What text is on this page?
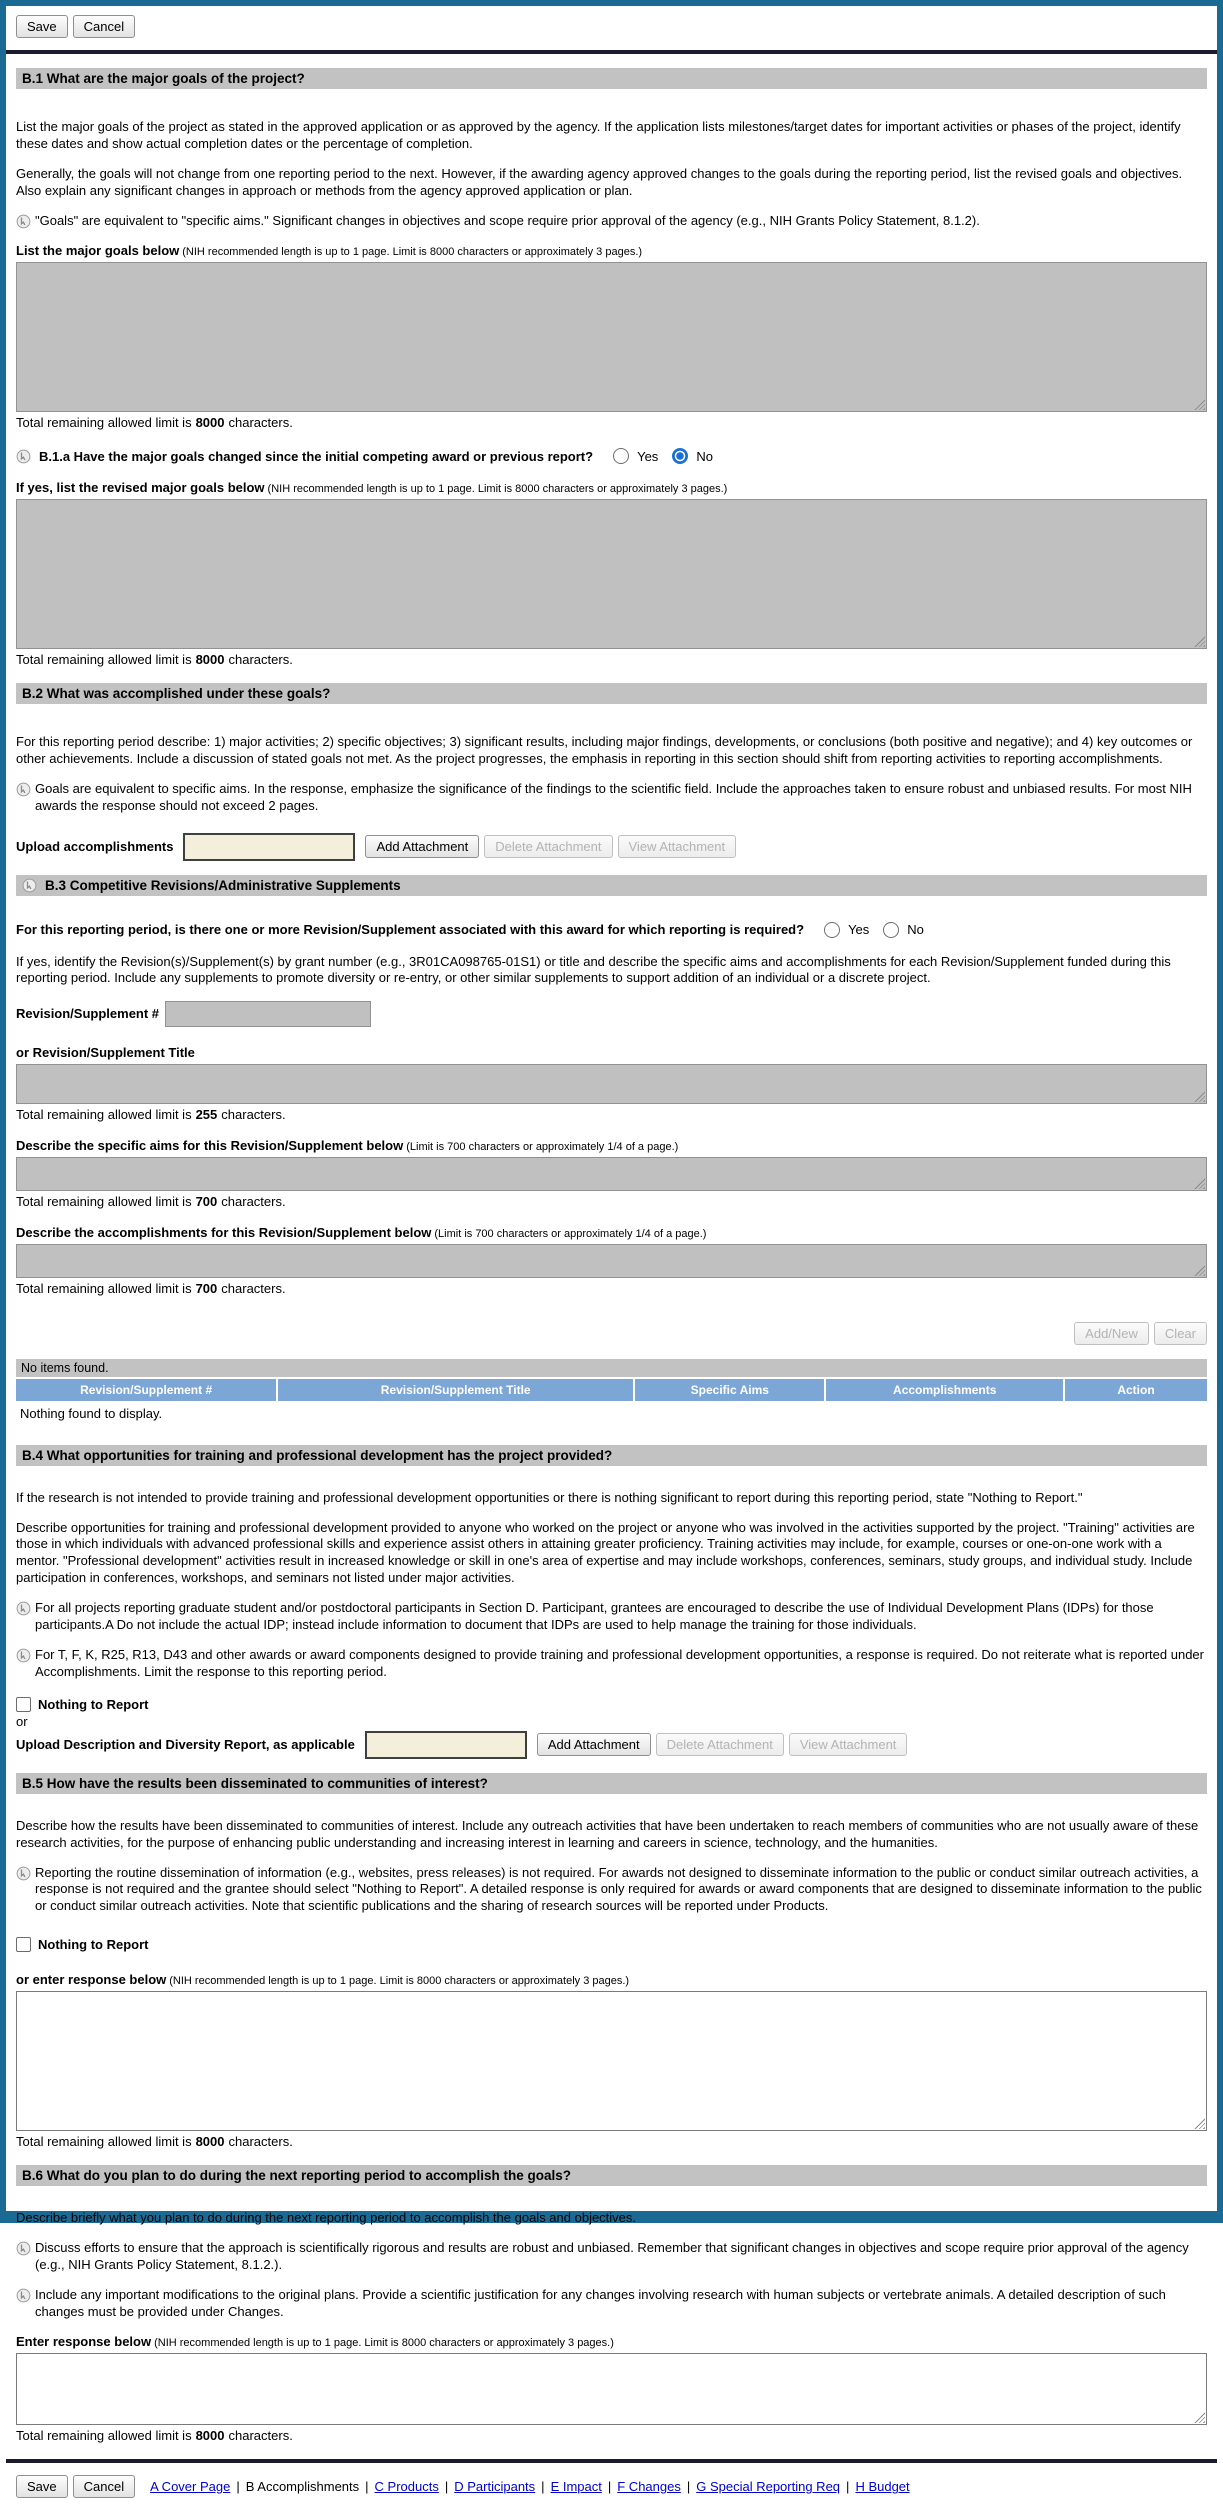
Save Cancel
B.1 What are the major goals of the project?

List the major goals of the project as stated in the approved application or as approved by the agency. If the application lists milestones/target dates for important activities or phases of the project, identify these dates and show actual completion dates or the percentage of completion.

Generally, the goals will not change from one reporting period to the next. However, if the awarding agency approved changes to the goals during the reporting period, list the revised goals and objectives. Also explain any significant changes in approach or methods from the agency approved application or plan.

"Goals" are equivalent to "specific aims." Significant changes in objectives and scope require prior approval of the agency (e.g., NIH Grants Policy Statement, 8.1.2).

List the major goals below (NIH recommended length is up to 1 page. Limit is 8000 characters or approximately 3 pages.)

Total remaining allowed limit is 8000 characters.

B.1.a Have the major goals changed since the initial competing award or previous report?	Yes	No

If yes, list the revised major goals below (NIH recommended length is up to 1 page. Limit is 8000 characters or approximately 3 pages.)

Total remaining allowed limit is 8000 characters.

B.2 What was accomplished under these goals?

For this reporting period describe: 1) major activities; 2) specific objectives; 3) significant results, including major findings, developments, or conclusions (both positive and negative); and 4) key outcomes or other achievements. Include a discussion of stated goals not met. As the project progresses, the emphasis in reporting in this section should shift from reporting activities to reporting accomplishments.

Goals are equivalent to specific aims. In the response, emphasize the significance of the findings to the scientific field. Include the approaches taken to ensure robust and unbiased results. For most NIH awards the response should not exceed 2 pages.

Upload accomplishments	Add Attachment	Delete Attachment	View Attachment
B.3 Competitive Revisions/Administrative Supplements
For this reporting period, is there one or more Revision/Supplement associated with this award for which reporting is required?	Yes	No

If yes, identify the Revision(s)/Supplement(s) by grant number (e.g., 3R01CA098765-01S1) or title and describe the specific aims and accomplishments for each Revision/Supplement funded during this reporting period. Include any supplements to promote diversity or re-entry, or other similar supplements to support addition of an individual or a discrete project.

Revision/Supplement #

or Revision/Supplement Title

Total remaining allowed limit is 255 characters.

Describe the specific aims for this Revision/Supplement below (Limit is 700 characters or approximately 1/4 of a page.)

Total remaining allowed limit is 700 characters.

Describe the accomplishments for this Revision/Supplement below (Limit is 700 characters or approximately 1/4 of a page.)

Total remaining allowed limit is 700 characters.

Add/New Clear
No items found.
Revision/Supplement #	Revision/Supplement Title	Specific Aims	Accomplishments	Action
Nothing found to display.
B.4 What opportunities for training and professional development has the project provided?

If the research is not intended to provide training and professional development opportunities or there is nothing significant to report during this reporting period, state "Nothing to Report."

Describe opportunities for training and professional development provided to anyone who worked on the project or anyone who was involved in the activities supported by the project. "Training" activities are those in which individuals with advanced professional skills and experience assist others in attaining greater proficiency. Training activities may include, for example, courses or one-on-one work with a mentor. "Professional development" activities result in increased knowledge or skill in one's area of expertise and may include workshops, conferences, seminars, study groups, and individual study. Include participation in conferences, workshops, and seminars not listed under major activities.

For all projects reporting graduate student and/or postdoctoral participants in Section D. Participant, grantees are encouraged to describe the use of Individual Development Plans (IDPs) for those participants.A Do not include the actual IDP; instead include information to document that IDPs are used to help manage the training for those individuals.

For T, F, K, R25, R13, D43 and other awards or award components designed to provide training and professional development opportunities, a response is required. Do not reiterate what is reported under Accomplishments. Limit the response to this reporting period.

Nothing to Report
or
Upload Description and Diversity Report, as applicable	Add Attachment	Delete Attachment	View Attachment
B.5 How have the results been disseminated to communities of interest?

Describe how the results have been disseminated to communities of interest. Include any outreach activities that have been undertaken to reach members of communities who are not usually aware of these research activities, for the purpose of enhancing public understanding and increasing interest in learning and careers in science, technology, and the humanities.

Reporting the routine dissemination of information (e.g., websites, press releases) is not required. For awards not designed to disseminate information to the public or conduct similar outreach activities, a response is not required and the grantee should select "Nothing to Report". A detailed response is only required for awards or award components that are designed to disseminate information to the public or conduct similar outreach activities. Note that scientific publications and the sharing of research sources will be reported under Products.

Nothing to Report

or enter response below (NIH recommended length is up to 1 page. Limit is 8000 characters or approximately 3 pages.)

Total remaining allowed limit is 8000 characters.

B.6 What do you plan to do during the next reporting period to accomplish the goals?

Describe briefly what you plan to do during the next reporting period to accomplish the goals and objectives.

Discuss efforts to ensure that the approach is scientifically rigorous and results are robust and unbiased. Remember that significant changes in objectives and scope require prior approval of the agency (e.g., NIH Grants Policy Statement, 8.1.2.).

Include any important modifications to the original plans. Provide a scientific justification for any changes involving research with human subjects or vertebrate animals. A detailed description of such changes must be provided under Changes.

Enter response below (NIH recommended length is up to 1 page. Limit is 8000 characters or approximately 3 pages.)

Total remaining allowed limit is 8000 characters.

Save	Cancel	A Cover Page | B Accomplishments | C Products | D Participants | E Impact | F Changes | G Special Reporting Req | H Budget
